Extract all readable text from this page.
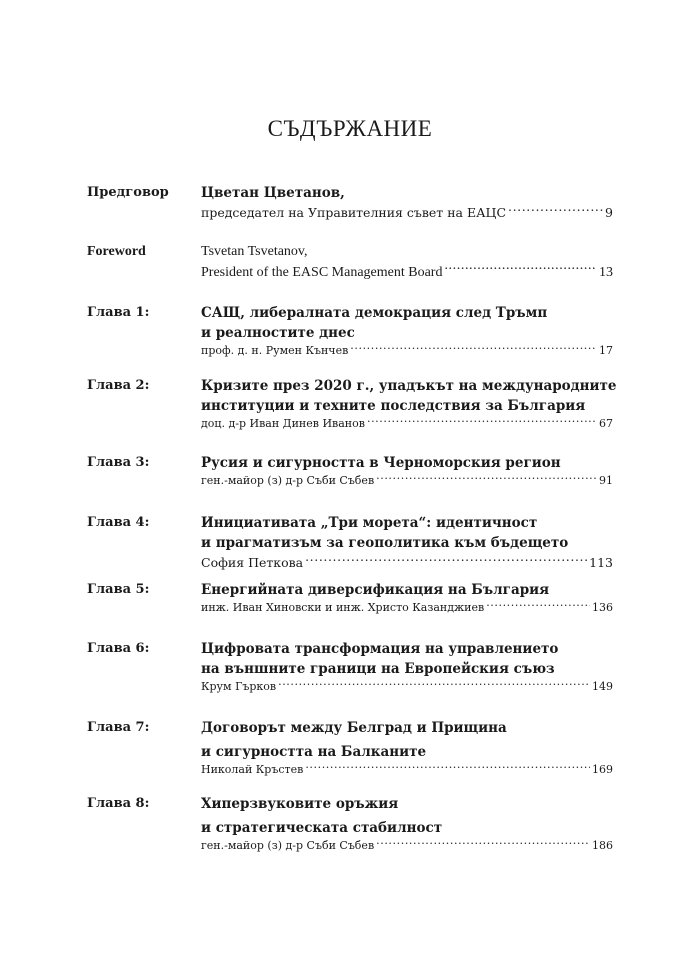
СЪДЪРЖАНИЕ
Предговор Цветан Цветанов,
председател на Управителния съвет на ЕАЦС .....	9
Foreword	Tsvetan Tsvetanov,
President of the EASC Management Board .....	13
Глава 1:	САЩ, либералната демокрация след Тръмп
и реалностите днес
проф. д. н. Румен Кънчев .....	17
Глава 2:	Кризите през 2020 г., упадъкът на международните
институции и техните последствия за България
доц. д-р Иван Динев Иванов .....	67
Глава 3:	Русия и сигурността в Черноморския регион
ген.-майор (з) д-р Съби Събев .....	91
Глава 4:	Инициативата „Три морета“: идентичност
и прагматизъм за геополитика към бъдещето
София Петкова .....	113
Глава 5:	Енергийната диверсификация на България
инж. Иван Хиновски и инж. Христо Казанджиев .....	136
Глава 6:	Цифровата трансформация на управлението
на външните граници на Европейския съюз
Крум Гърков .....	149
Глава 7:	Договорът между Белград и Прищина
и сигурността на Балканите
Николай Кръстев .....	169
Глава 8:	Хиперзвуковите оръжия
и стратегическата стабилност
ген.-майор (з) д-р Съби Събев .....	186
